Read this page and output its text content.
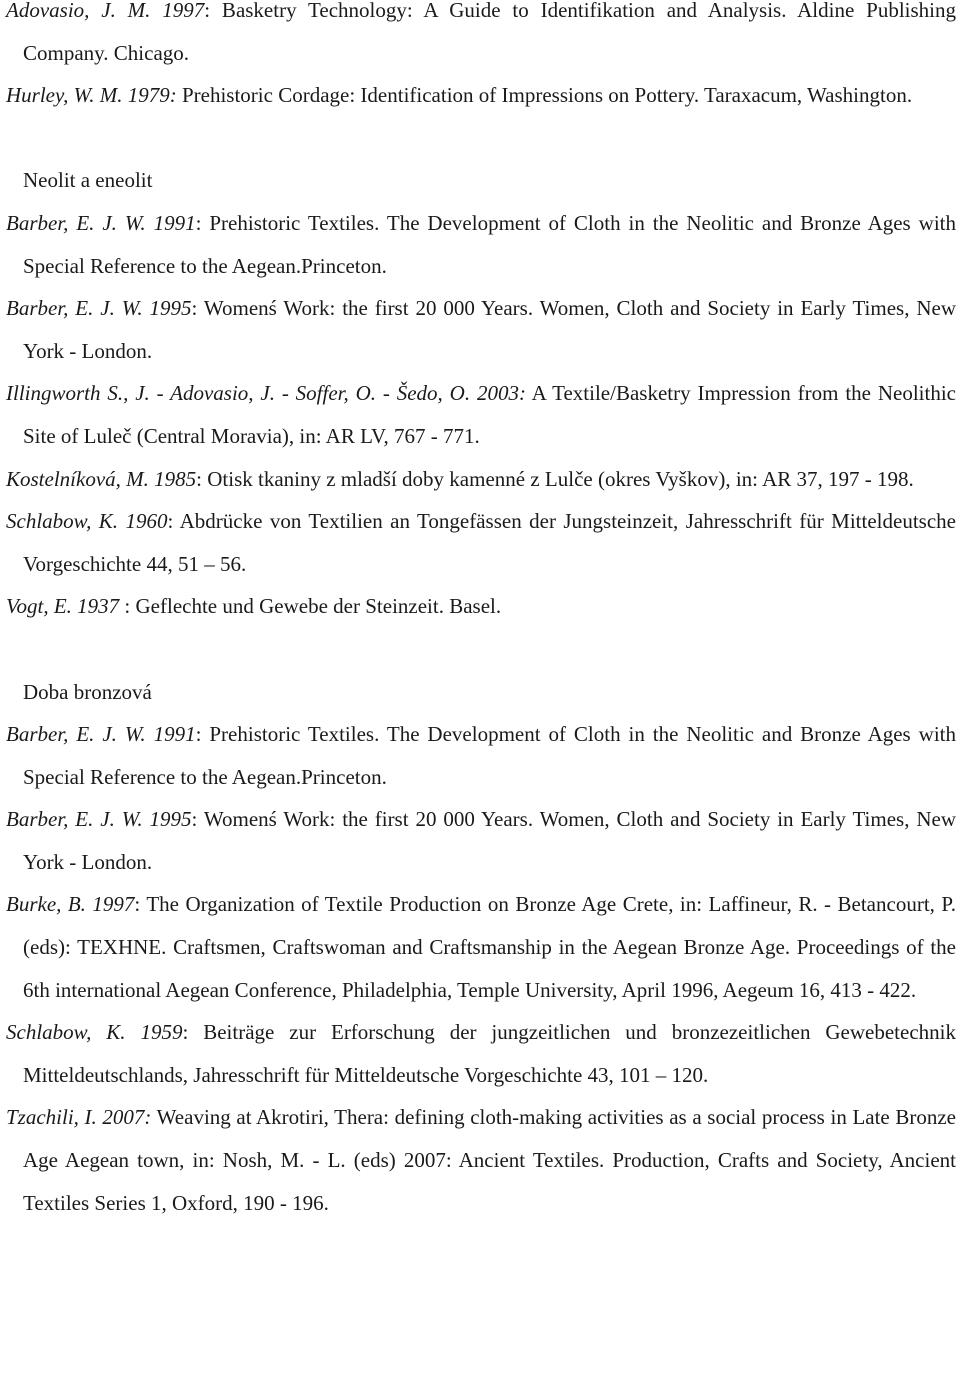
Adovasio, J. M. 1997: Basketry Technology: A Guide to Identifikation and Analysis. Aldine Publishing Company. Chicago.

Hurley, W. M. 1979: Prehistoric Cordage: Identification of Impressions on Pottery. Taraxacum, Washington.

Neolit a eneolit

Barber, E. J. W. 1991: Prehistoric Textiles. The Development of Cloth in the Neolitic and Bronze Ages with Special Reference to the Aegean.Princeton.

Barber, E. J. W. 1995: Womenś Work: the first 20 000 Years. Women, Cloth and Society in Early Times, New York - London.

Illingworth S., J. - Adovasio, J. - Soffer, O. - Šedo, O. 2003: A Textile/Basketry Impression from the Neolithic Site of Luleč (Central Moravia), in: AR LV, 767 - 771.

Kostelníková, M. 1985: Otisk tkaniny z mladší doby kamenné z Lulče (okres Vyškov), in: AR 37, 197 - 198.

Schlabow, K. 1960: Abdrücke von Textilien an Tongefässen der Jungsteinzeit, Jahresschrift für Mitteldeutsche Vorgeschichte 44, 51 – 56.

Vogt, E. 1937 : Geflechte und Gewebe der Steinzeit. Basel.

Doba bronzová

Barber, E. J. W. 1991: Prehistoric Textiles. The Development of Cloth in the Neolitic and Bronze Ages with Special Reference to the Aegean.Princeton.

Barber, E. J. W. 1995: Womenś Work: the first 20 000 Years. Women, Cloth and Society in Early Times, New York - London.

Burke, B. 1997: The Organization of Textile Production on Bronze Age Crete, in: Laffineur, R. - Betancourt, P. (eds): TEXHNE. Craftsmen, Craftswoman and Craftsmanship in the Aegean Bronze Age. Proceedings of the 6th international Aegean Conference, Philadelphia, Temple University, April 1996, Aegeum 16, 413 - 422.

Schlabow, K. 1959: Beiträge zur Erforschung der jungzeitlichen und bronzezeitlichen Gewebetechnik Mitteldeutschlands, Jahresschrift für Mitteldeutsche Vorgeschichte 43, 101 – 120.

Tzachili, I. 2007: Weaving at Akrotiri, Thera: defining cloth-making activities as a social process in Late Bronze Age Aegean town, in: Nosh, M. - L. (eds) 2007: Ancient Textiles. Production, Crafts and Society, Ancient Textiles Series 1, Oxford, 190 - 196.
